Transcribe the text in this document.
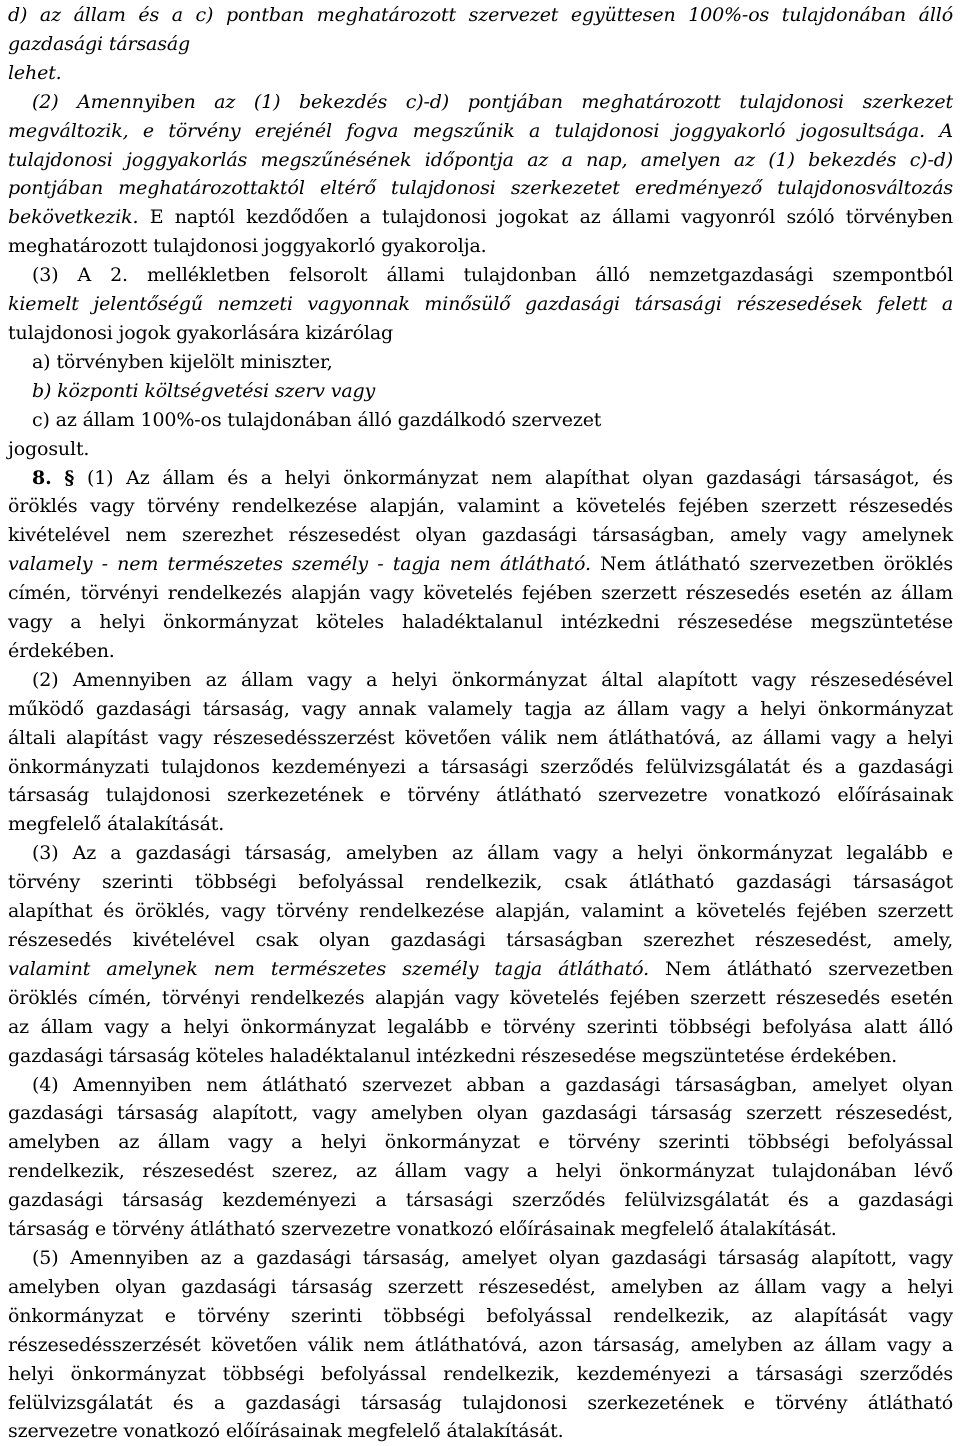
d) az állam és a c) pontban meghatározott szervezet együttesen 100%-os tulajdonában álló
gazdasági társaság
lehet.
(2) Amennyiben az (1) bekezdés c)-d) pontjában meghatározott tulajdonosi szerkezet
megváltozik, e törvény erejénél fogva megszűnik a tulajdonosi joggyakorló jogosultsága. A
tulajdonosi joggyakorlás megszűnésének időpontja az a nap, amelyen az (1) bekezdés c)-d)
pontjában meghatározottaktól eltérő tulajdonosi szerkezetet eredményező tulajdonosváltozás
bekövetkezik. E naptól kezdődően a tulajdonosi jogokat az állami vagyonról szóló törvényben
meghatározott tulajdonosi joggyakorló gyakorolja.
(3) A 2. mellékletben felsorolt állami tulajdonban álló nemzetgazdasági szempontból
kiemelt jelentőségű nemzeti vagyonnak minősülő gazdasági társasági részesedések felett a
tulajdonosi jogok gyakorlására kizárólag
a) törvényben kijelölt miniszter,
b) központi költségvetési szerv vagy
c) az állam 100%-os tulajdonában álló gazdálkodó szervezet
jogosult.
8. § (1) Az állam és a helyi önkormányzat nem alapíthat olyan gazdasági társaságot, és
öröklés vagy törvény rendelkezése alapján, valamint a követelés fejében szerzett részesedés
kivételével nem szerezhet részesedést olyan gazdasági társaságban, amely vagy amelynek
valamely - nem természetes személy - tagja nem átlátható. Nem átlátható szervezetben öröklés
címén, törvényi rendelkezés alapján vagy követelés fejében szerzett részesedés esetén az állam
vagy a helyi önkormányzat köteles haladéktalanul intézkedni részesedése megszüntetése
érdekében.
(2) Amennyiben az állam vagy a helyi önkormányzat által alapított vagy részesedésével
működő gazdasági társaság, vagy annak valamely tagja az állam vagy a helyi önkormányzat
általi alapítást vagy részesedésszerzést követően válik nem átláthatóvá, az állami vagy a helyi
önkormányzati tulajdonos kezdeményezi a társasági szerződés felülvizsgálatát és a gazdasági
társaság tulajdonosi szerkezetének e törvény átlátható szervezetre vonatkozó előírásainak
megfelelő átalakítását.
(3) Az a gazdasági társaság, amelyben az állam vagy a helyi önkormányzat legalább e
törvény szerinti többségi befolyással rendelkezik, csak átlátható gazdasági társaságot
alapíthat és öröklés, vagy törvény rendelkezése alapján, valamint a követelés fejében szerzett
részesedés kivételével csak olyan gazdasági társaságban szerezhet részesedést, amely,
valamint amelynek nem természetes személy tagja átlátható. Nem átlátható szervezetben
öröklés címén, törvényi rendelkezés alapján vagy követelés fejében szerzett részesedés esetén
az állam vagy a helyi önkormányzat legalább e törvény szerinti többségi befolyása alatt álló
gazdasági társaság köteles haladéktalanul intézkedni részesedése megszüntetése érdekében.
(4) Amennyiben nem átlátható szervezet abban a gazdasági társaságban, amelyet olyan
gazdasági társaság alapított, vagy amelyben olyan gazdasági társaság szerzett részesedést,
amelyben az állam vagy a helyi önkormányzat e törvény szerinti többségi befolyással
rendelkezik, részesedést szerez, az állam vagy a helyi önkormányzat tulajdonában lévő
gazdasági társaság kezdeményezi a társasági szerződés felülvizsgálatát és a gazdasági
társaság e törvény átlátható szervezetre vonatkozó előírásainak megfelelő átalakítását.
(5) Amennyiben az a gazdasági társaság, amelyet olyan gazdasági társaság alapított, vagy
amelyben olyan gazdasági társaság szerzett részesedést, amelyben az állam vagy a helyi
önkormányzat e törvény szerinti többségi befolyással rendelkezik, az alapítását vagy
részesedésszerzését követően válik nem átláthatóvá, azon társaság, amelyben az állam vagy a
helyi önkormányzat többségi befolyással rendelkezik, kezdeményezi a társasági szerződés
felülvizsgálatát és a gazdasági társaság tulajdonosi szerkezetének e törvény átlátható
szervezetre vonatkozó előírásainak megfelelő átalakítását.
